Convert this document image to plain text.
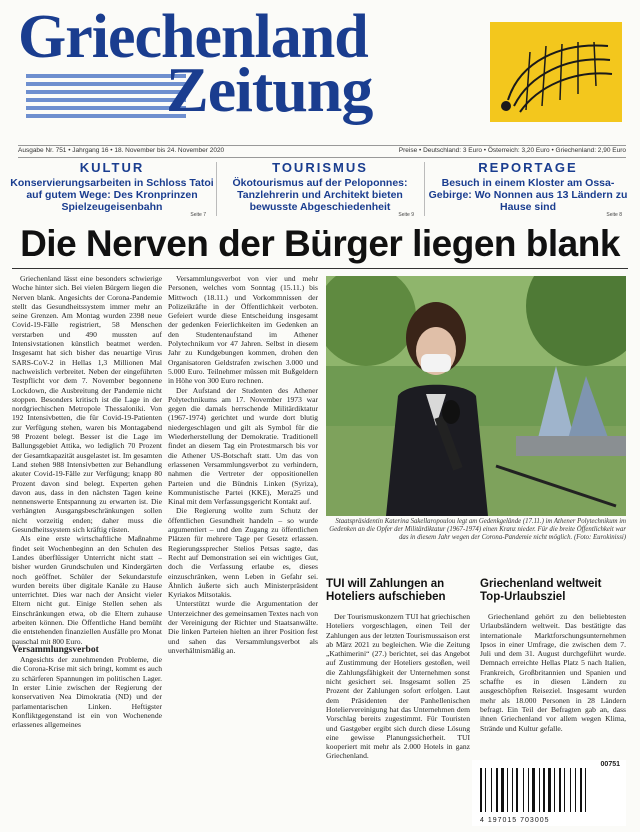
Griechenland
Zeitung
Ausgabe Nr. 751 • Jahrgang 16 • 18. November bis 24. November 2020	Preise • Deutschland: 3 Euro • Österreich: 3,20 Euro • Griechenland: 2,90 Euro
KULTUR
Konservierungsarbeiten in Schloss Tatoi auf gutem Wege: Des Kronprinzen Spielzeugeisenbahn
Seite 7
TOURISMUS
Ökotourismus auf der Peloponnes: Tanzlehrerin und Architekt bieten bewusste Abgeschiedenheit
Seite 9
REPORTAGE
Besuch in einem Kloster am Ossa-Gebirge: Wo Nonnen aus 13 Ländern zu Hause sind
Seite 8
Die Nerven der Bürger liegen blank

Griechenland lässt eine besonders schwierige Woche hinter sich. Bei vielen Bürgern liegen die Nerven blank. Angesichts der Corona-Pandemie stellt das Gesundheitssystem immer mehr an seine Grenzen. Am Montag wurden 2398 neue Covid-19-Fälle registriert, 58 Menschen verstarben und 490 mussten auf Intensivstationen künstlich beatmet werden. Insgesamt hat sich bisher das neuartige Virus SARS-CoV-2 in Hellas 1,3 Millionen Mal nachweislich verbreitet. Neben der eingeführten Testpflicht vor dem 7. November begonnene Lockdown, die Ausbreitung der Pandemie nicht stoppen. Besonders kritisch ist die Lage in der nordgriechischen Metropole Thessaloniki. Von 192 Intensivbetten, die für Covid-19-Patienten zur Verfügung stehen, waren bis Montagabend 98 Prozent belegt. Besser ist die Lage im Ballungsgebiet Attika, wo lediglich 70 Prozent der Gesamtkapazität ausgelastet ist. Im gesamten Land stehen 988 Intensivbetten zur Behandlung akuter Covid-19-Fälle zur Verfügung; knapp 80 Prozent davon sind belegt. Experten gehen davon aus, dass in den nächsten Tagen keine nennenswerte Entspannung zu erwarten ist. Die verhängten Ausgangsbeschränkungen sollen nicht vorzeitig enden; daher muss die Gesundheitssystem sich kräftig rüsten.

Als eine erste wirtschaftliche Maßnahme findet seit Wochenbeginn an den Schulen des Landes überflüssiger Unterricht nicht statt – bisher wurden Grundschulen und Kindergärten noch geöffnet. Schüler der Sekundarstufe wurden bereits über digitale Kanäle zu Hause unterrichtet. Dies war nach der Ansicht vieler Eltern nicht gut. Einige Stellen sehen als Einschränkungen etwa, ob die Eltern zuhause arbeiten können. Die Öffentliche Hand bemüht die entstehenden finanziellen Ausfälle pro Monat pauschal mit 800 Euro.

Versammlungsverbot

Angesichts der zunehmenden Probleme, die die Corona-Krise mit sich bringt, kommt es auch zu schärferen Spannungen im politischen Lager. In erster Linie zwischen der Regierung der konservativen Nea Dimokratia (ND) und der parlamentarischen Linken. Heftigster Konfliktgegenstand ist ein von Wochenende erlassenes allgemeines

Versammlungsverbot von vier und mehr Personen, welches vom Sonntag (15.11.) bis Mittwoch (18.11.) und Vorkommnissen der Polizeikräfte in der Öffentlichkeit verboten. Gefeiert wurde diese Entscheidung insgesamt der gedenken Feierlichkeiten im Gedenken an den Studentenaufstand im Athener Polytechnikum vor 47 Jahren. Selbst in diesem Jahr zu Kundgebungen kommen, drohen den Organisatoren Geldstrafen zwischen 3.000 und 5.000 Euro. Teilnehmer müssen mit Bußgeldern in Höhe von 300 Euro rechnen.

Der Aufstand der Studenten des Athener Polytechnikums am 17. November 1973 war gegen die damals herrschende Militärdiktatur (1967-1974) gerichtet und wurde dort blutig niedergeschlagen und gilt als Symbol für die Wiederherstellung der Demokratie. Traditionell findet an diesem Tag ein Protestmarsch bis vor die Athener US-Botschaft statt. Um das von erlassenen Versammlungsverbot zu verhindern, nahmen die Vertreter der oppositionellen Parteien und die Bündnis Linken (Syriza), Kommunistische Partei (KKE), Mera25 und Kinal mit dem Verfassungsgericht Kontakt auf.

Die Regierung wollte zum Schutz der öffentlichen Gesundheit handeln – so wurde argumentiert – und den Zugang zu öffentlichen Plätzen für mehrere Tage per Gesetz erlassen. Regierungssprecher Stelios Petsas sagte, das Recht auf Demonstration sei ein wichtiges Gut, doch die Verfassung erlaube es, dieses einzuschränken, wenn Leben in Gefahr sei. Ähnlich äußerte sich auch Ministerpräsident Kyriakos Mitsotakis.

Unterstützt wurde die Argumentation der Unterzeichner des gemeinsamen Textes nach von der Vereinigung der Richter und Staatsanwälte. Die linken Parteien hielten an ihrer Position fest und sahen das Versammlungsverbot als unverhältnismäßig an.

Staatspräsidentin Katerina Sakellaropoulou legt am Gedenkgelände (17.11.) im Athener Polytechnikum im Gedenken an die Opfer der Militärdiktatur (1967-1974) einen Kranz nieder. Für die breite Öffentlichkeit war das in diesem Jahr wegen der Corona-Pandemie nicht möglich. (Foto: Eurokinissi)
TUI will Zahlungen an Hoteliers aufschieben

Der Tourismuskonzern TUI hat griechischen Hoteliers vorgeschlagen, einen Teil der Zahlungen aus der letzten Tourismussaison erst ab März 2021 zu begleichen. Wie die Zeitung „Kathimerini“ (27.) berichtet, sei das Angebot auf Zustimmung der Hoteliers gestoßen, weil die Zahlungsfähigkeit der Unternehmen sonst nicht gesichert sei. Insgesamt sollen 25 Prozent der Zahlungen sofort erfolgen. Laut dem Präsidenten der Panhellenischen Hoteliervereinigung hat das Unternehmen dem Vorschlag bereits zugestimmt. Für Touristen und Gastgeber ergibt sich durch diese Lösung eine gewisse Planungssicherheit. TUI kooperiert mit mehr als 2.000 Hotels in ganz Griechenland.

Griechenland weltweit Top-Urlaubsziel

Griechenland gehört zu den beliebtesten Urlaubsländern weltweit. Das bestätigte das internationale Marktforschungsunternehmen Ipsos in einer Umfrage, die zwischen dem 7. Juli und dem 31. August durchgeführt wurde. Demnach erreichte Hellas Platz 5 nach Italien, Frankreich, Großbritannien und Spanien und schaffte es in diesen Ländern zu ausgeschöpften Reiseziel. Insgesamt wurden mehr als 18.000 Personen in 28 Ländern befragt. Ein Teil der Befragten gab an, dass ihnen Griechenland vor allem wegen Klima, Strände und Kultur gefalle.

00751
4 197015 703005
